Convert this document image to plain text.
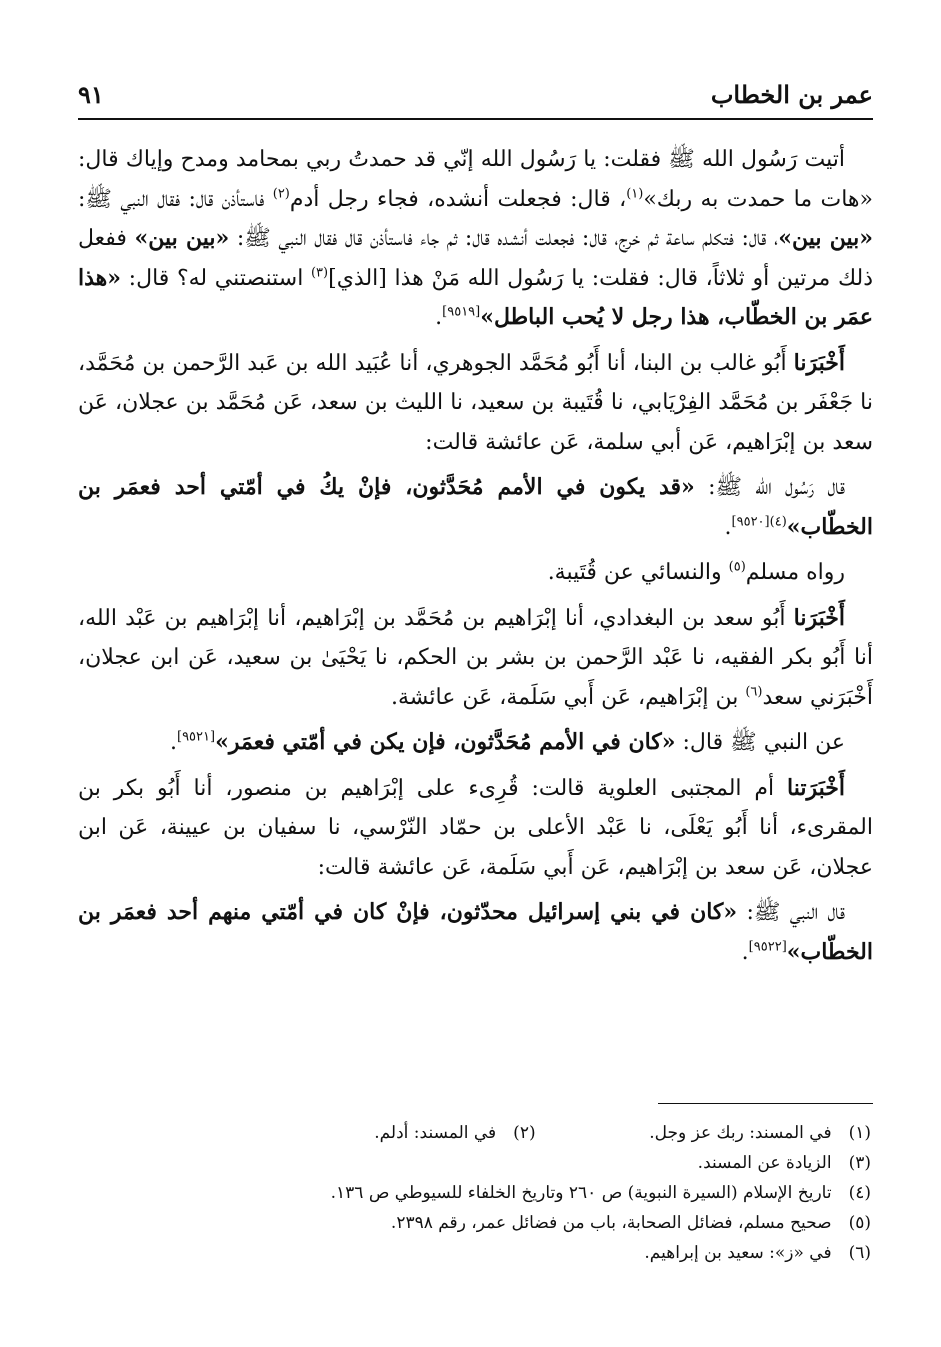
عمر بن الخطاب
٩١

أتيت رَسُول الله ﷺ فقلت: يا رَسُول الله إنّي قد حمدتُ ربي بمحامد ومدح وإياك قال: «هات ما حمدت به ربك»$^{(١)}$، قال: فجعلت أنشده، فجاء رجل أدم$^{(٢)}$ فاستأذن قال: فقال النبي ﷺ: «بين بين»، قال: فتكلم ساعة ثم خرج، قال: فجعلت أنشده قال: ثم جاء فاستأذن قال فقال النبي ﷺ: «بين بين» ففعل ذلك مرتين أو ثلاثاً، قال: فقلت: يا رَسُول الله مَنْ هذا [الذي]$^{(٣)}$ استنصتني له؟ قال: «هذا عمَر بن الخطّاب، هذا رجل لا يُحب الباطل»[٩٥١٩].

أَخْبَرَنا أَبُو غالب بن البنا، أنا أَبُو مُحَمَّد الجوهري، أنا عُبَيد الله بن عَبد الرَّحمن بن مُحَمَّد، نا جَعْفَر بن مُحَمَّد الفِرْيَابي، نا قُتَيبة بن سعيد، نا الليث بن سعد، عَن مُحَمَّد بن عجلان، عَن سعد بن إبْرَاهيم، عَن أبي سلمة، عَن عائشة قالت:

قال رَسُول الله ﷺ: «قد يكون في الأمم مُحَدَّثون، فإنْ يكُ في أمّتي أحد فعمَر بن الخطّاب»$^{(٤)[٩٥٢٠]}$.

رواه مسلم$^{(٥)}$ والنسائي عن قُتَيبة.

أَخْبَرَنا أَبُو سعد بن البغدادي، أنا إبْرَاهيم بن مُحَمَّد بن إبْرَاهيم، أنا إبْرَاهيم بن عَبْد الله، أنا أَبُو بكر الفقيه، نا عَبْد الرَّحمن بن بشر بن الحكم، نا يَحْيَىٰ بن سعيد، عَن ابن عجلان، أَخْبَرَني سعد$^{(٦)}$ بن إبْرَاهيم، عَن أَبي سَلَمة، عَن عائشة.

عن النبي ﷺ قال: «كان في الأمم مُحَدَّثون، فإن يكن في أمّتي فعمَر»[٩٥٢١].

أَخْبَرَتنا أم المجتبى العلوية قالت: قُرِىء على إبْرَاهيم بن منصور، أنا أَبُو بكر بن المقرىء، أنا أَبُو يَعْلَى، نا عَبْد الأعلى بن حمّاد النّرْسي، نا سفيان بن عيينة، عَن ابن عجلان، عَن سعد بن إبْرَاهيم، عَن أَبي سَلَمة، عَن عائشة قالت:

قال النبي ﷺ: «كان في بني إسرائيل محدّثون، فإنْ كان في أمّتي منهم أحد فعمَر بن الخطّاب»[٩٥٢٢].

(١) في المسند: ربك عز وجل. (٢) في المسند: أدلم.
(٣) الزيادة عن المسند.
(٤) تاريخ الإسلام (السيرة النبوية) ص ٢٦٠ وتاريخ الخلفاء للسيوطي ص ١٣٦.
(٥) صحيح مسلم، فضائل الصحابة، باب من فضائل عمر، رقم ٢٣٩٨.
(٦) في «ز»: سعيد بن إبراهيم.
